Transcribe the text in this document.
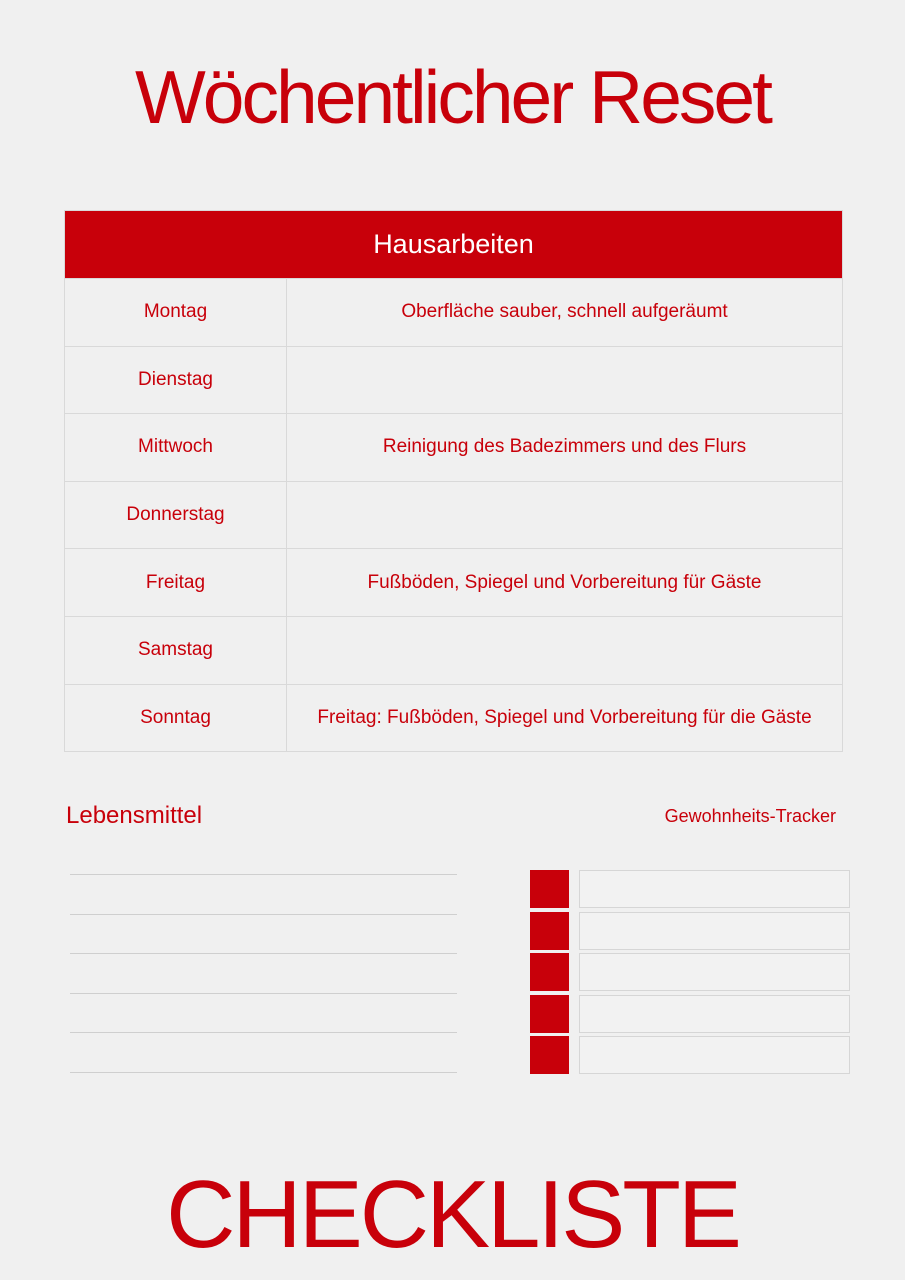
Wöchentlicher Reset
Hausarbeiten
Montag	Oberfläche sauber, schnell aufgeräumt
Dienstag
Mittwoch	Reinigung des Badezimmers und des Flurs
Donnerstag
Freitag	Fußböden, Spiegel und Vorbereitung für Gäste
Samstag
Sonntag	Freitag: Fußböden, Spiegel und Vorbereitung für die Gäste
Lebensmittel	Gewohnheits-Tracker
CHECKLISTE
